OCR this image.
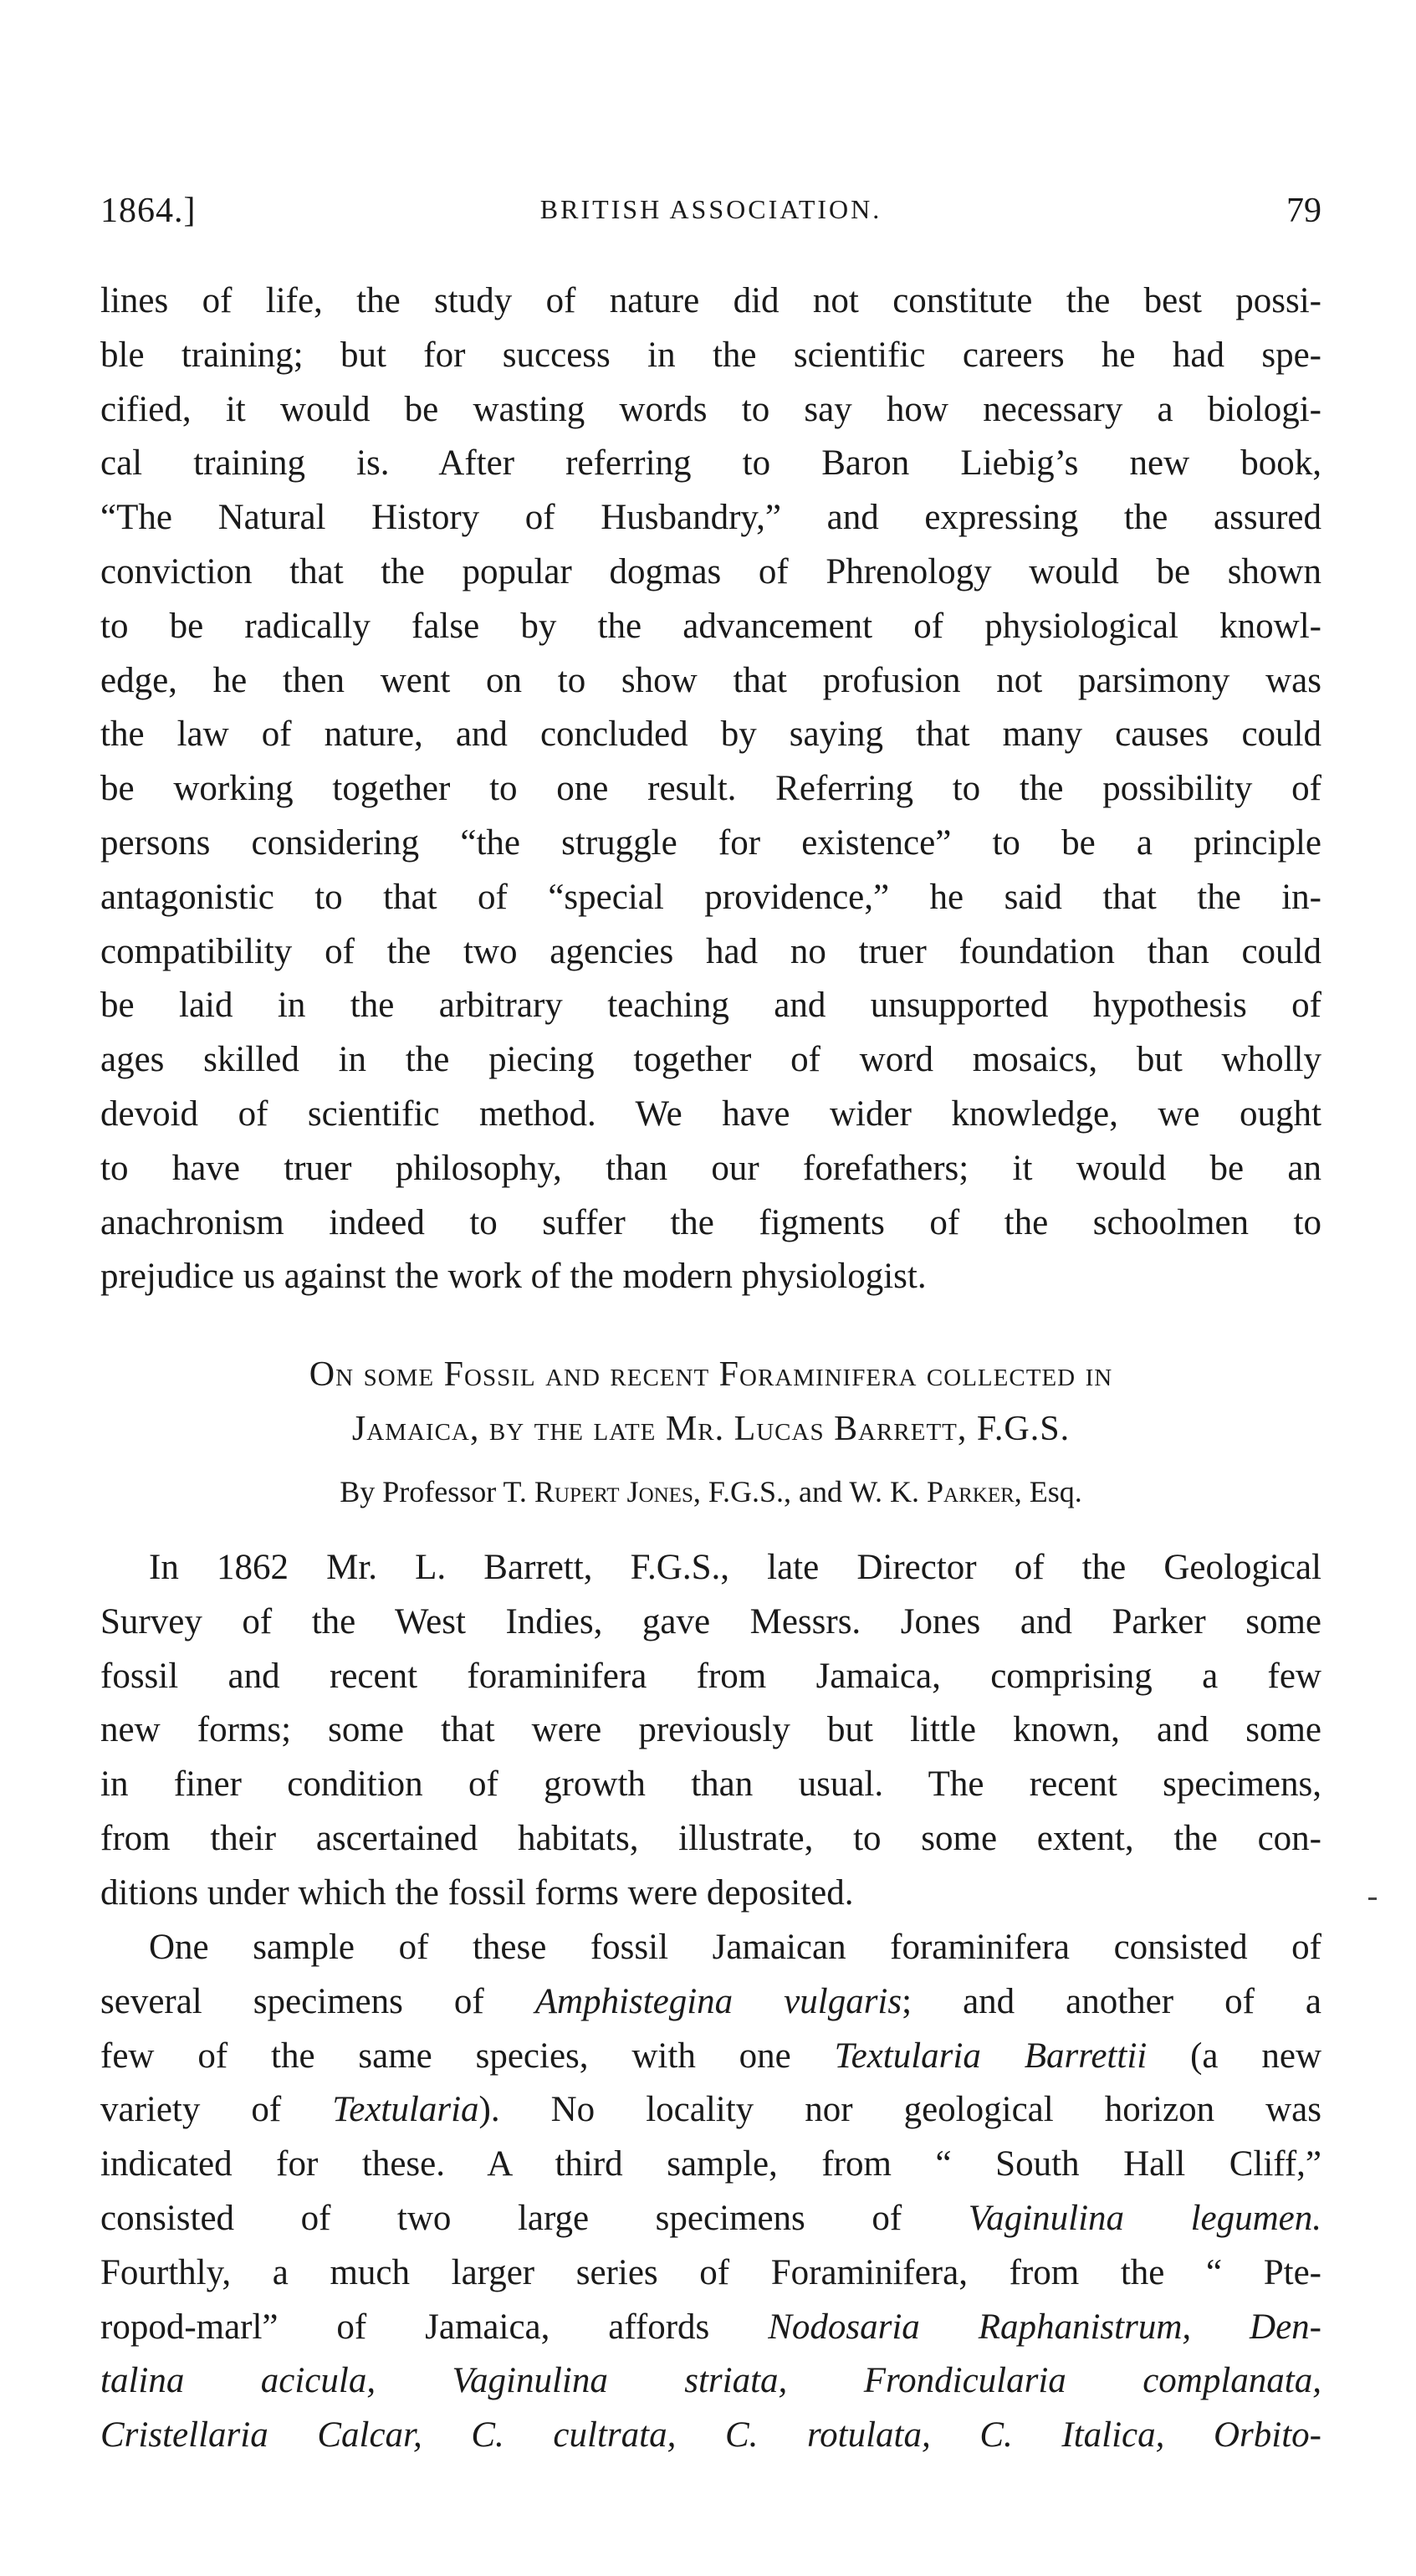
1864.]	BRITISH ASSOCIATION.	79
lines of life, the study of nature did not constitute the best possi-
ble training; but for success in the scientific careers he had spe-
cified, it would be wasting words to say how necessary a biologi-
cal training is. After referring to Baron Liebig’s new book,
“The Natural History of Husbandry,” and expressing the assured
conviction that the popular dogmas of Phrenology would be shown
to be radically false by the advancement of physiological knowl-
edge, he then went on to show that profusion not parsimony was
the law of nature, and concluded by saying that many causes could
be working together to one result. Referring to the possibility of
persons considering “the struggle for existence” to be a principle
antagonistic to that of “special providence,” he said that the in-
compatibility of the two agencies had no truer foundation than could
be laid in the arbitrary teaching and unsupported hypothesis of
ages skilled in the piecing together of word mosaics, but wholly
devoid of scientific method. We have wider knowledge, we ought
to have truer philosophy, than our forefathers; it would be an
anachronism indeed to suffer the figments of the schoolmen to
prejudice us against the work of the modern physiologist.
On some Fossil and recent Foraminifera collected in
Jamaica, by the late Mr. Lucas Barrett, F.G.S.
By Professor T. Rupert Jones, F.G.S., and W. K. Parker, Esq.
In 1862 Mr. L. Barrett, F.G.S., late Director of the Geological
Survey of the West Indies, gave Messrs. Jones and Parker some
fossil and recent foraminifera from Jamaica, comprising a few
new forms; some that were previously but little known, and some
in finer condition of growth than usual. The recent specimens,
from their ascertained habitats, illustrate, to some extent, the con-
ditions under which the fossil forms were deposited.
One sample of these fossil Jamaican foraminifera consisted of
several specimens of Amphistegina vulgaris; and another of a
few of the same species, with one Textularia Barrettii (a new
variety of Textularia). No locality nor geological horizon was
indicated for these. A third sample, from “ South Hall Cliff,”
consisted of two large specimens of Vaginulina legumen.
Fourthly, a much larger series of Foraminifera, from the “ Pte-
ropod-marl” of Jamaica, affords Nodosaria Raphanistrum, Den-
talina acicula, Vaginulina striata, Frondicularia complanata,
Cristellaria Calcar, C. cultrata, C. rotulata, C. Italica, Orbito-
